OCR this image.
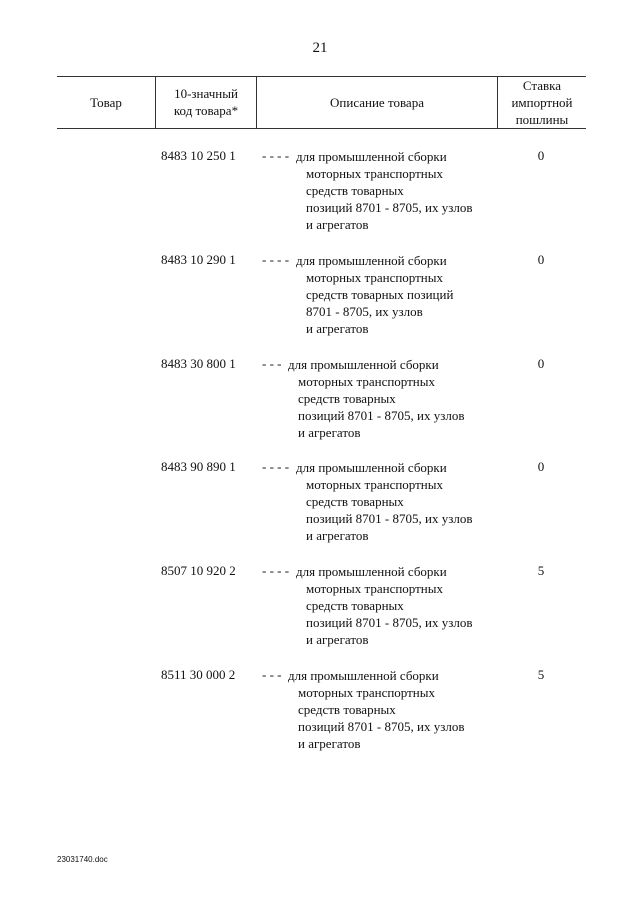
21
Товар
10-значный
код товара*
Описание товара
Ставка
импортной
пошлины
8483 10 250 1 - - - - для промышленной сборки
моторных транспортных
средств товарных
позиций 8701 - 8705, их узлов
и агрегатов
0
8483 10 290 1 - - - - для промышленной сборки
моторных транспортных
средств товарных позиций
8701 - 8705, их узлов
и агрегатов
0
8483 30 800 1 - - - для промышленной сборки
моторных транспортных
средств товарных
позиций 8701 - 8705, их узлов
и агрегатов
0
8483 90 890 1 - - - - для промышленной сборки
моторных транспортных
средств товарных
позиций 8701 - 8705, их узлов
и агрегатов
0
8507 10 920 2 - - - - для промышленной сборки
моторных транспортных
средств товарных
позиций 8701 - 8705, их узлов
и агрегатов
5
8511 30 000 2 - - - для промышленной сборки
моторных транспортных
средств товарных
позиций 8701 - 8705, их узлов
и агрегатов
5
23031740.doc
